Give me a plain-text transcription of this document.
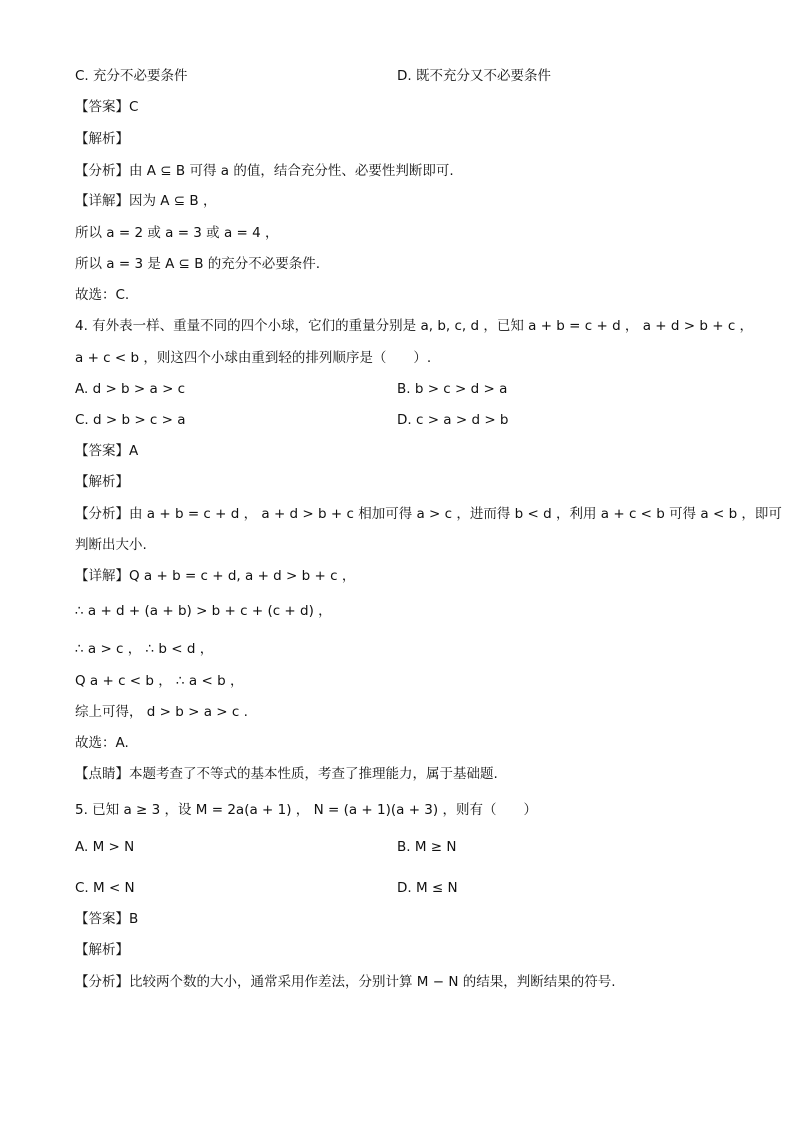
C. 充分不必要条件	D. 既不充分又不必要条件
【答案】C
【解析】
【分析】由 A ⊆ B 可得 a 的值，结合充分性、必要性判断即可.
【详解】因为 A ⊆ B ，
所以 a = 2 或 a = 3 或 a = 4 ，
所以 a = 3 是 A ⊆ B 的充分不必要条件.
故选：C.
4. 有外表一样、重量不同的四个小球，它们的重量分别是 a, b, c, d ，已知 a + b = c + d ， a + d > b + c ，
a + c < b ，则这四个小球由重到轻的排列顺序是（　　）.
A. d > b > a > c	B. b > c > d > a
C. d > b > c > a	D. c > a > d > b
【答案】A
【解析】
【分析】由 a + b = c + d ， a + d > b + c 相加可得 a > c ，进而得 b < d ，利用 a + c < b 可得 a < b ，即可
判断出大小.
【详解】Q a + b = c + d, a + d > b + c ，
∴ a + d + (a + b) > b + c + (c + d) ，
∴ a > c ， ∴ b < d ，
Q a + c < b ， ∴ a < b ，
综上可得， d > b > a > c .
故选：A.
【点睛】本题考查了不等式的基本性质，考查了推理能力，属于基础题.
5. 已知 a ≥ 3 ，设 M = 2a(a + 1) ， N = (a + 1)(a + 3) ，则有（　　）
A. M > N	B. M ≥ N
C. M < N	D. M ≤ N
【答案】B
【解析】
【分析】比较两个数的大小，通常采用作差法，分别计算 M − N 的结果，判断结果的符号.
